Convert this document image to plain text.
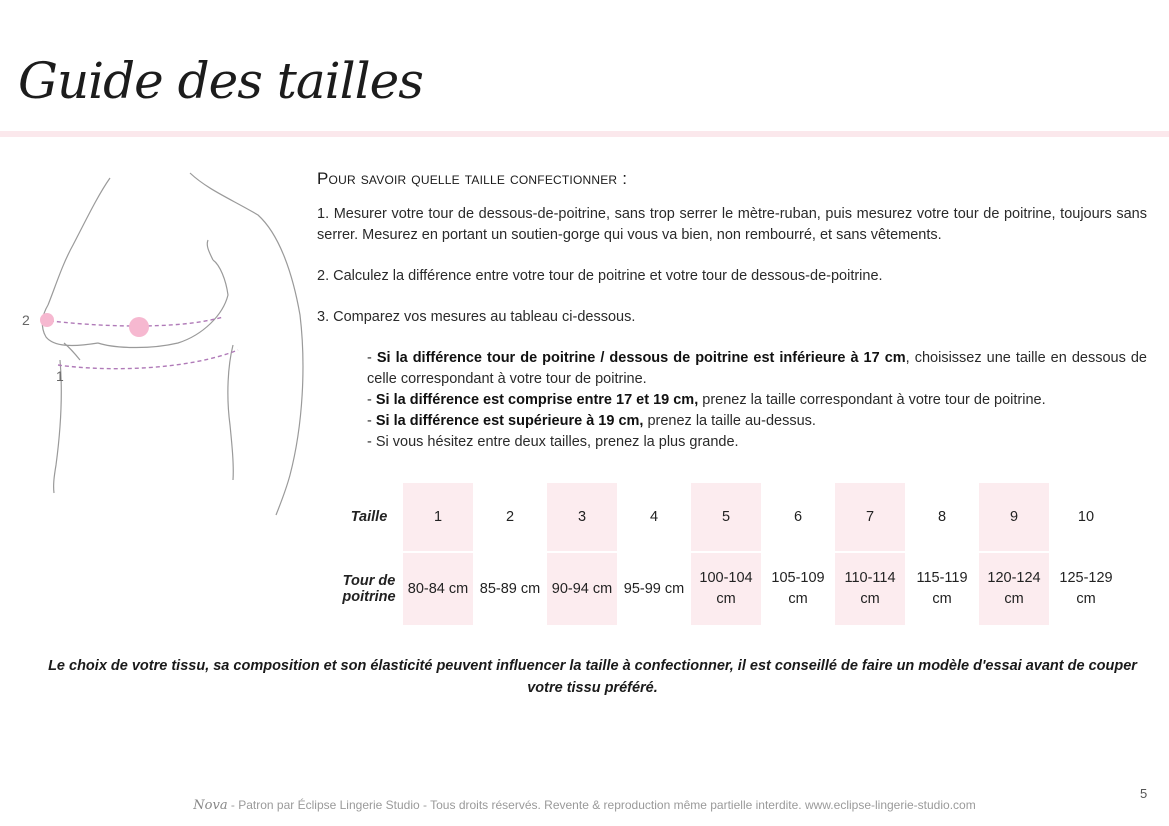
Guide des tailles
2
1
Pour savoir quelle taille confectionner :
1. Mesurer votre tour de dessous-de-poitrine, sans trop serrer le mètre-ruban, puis mesurez votre tour de poitrine, toujours sans serrer. Mesurez en portant un soutien-gorge qui vous va bien, non rembourré, et sans vêtements.
2. Calculez la différence entre votre tour de poitrine et votre tour de dessous-de-poitrine.
3. Comparez vos mesures au tableau ci-dessous.
- Si la différence tour de poitrine / dessous de poitrine est inférieure à 17 cm, choisissez une taille en dessous de celle correspondant à votre tour de poitrine.
- Si la différence est comprise entre 17 et 19 cm, prenez la taille correspondant à votre tour de poitrine.
- Si la différence est supérieure à 19 cm, prenez la taille au-dessus.
- Si vous hésitez entre deux tailles, prenez la plus grande.
Taille	1	2	3	4	5	6	7	8	9	10
Tour de poitrine	80-84 cm	85-89 cm	90-94 cm	95-99 cm	100-104 cm	105-109 cm	110-114 cm	115-119 cm	120-124 cm	125-129 cm
Le choix de votre tissu, sa composition et son élasticité peuvent influencer la taille à confectionner, il est conseillé de faire un modèle d'essai avant de couper votre tissu préféré.
5
Nova - Patron par Éclipse Lingerie Studio - Tous droits réservés. Revente & reproduction même partielle interdite. www.eclipse-lingerie-studio.com
